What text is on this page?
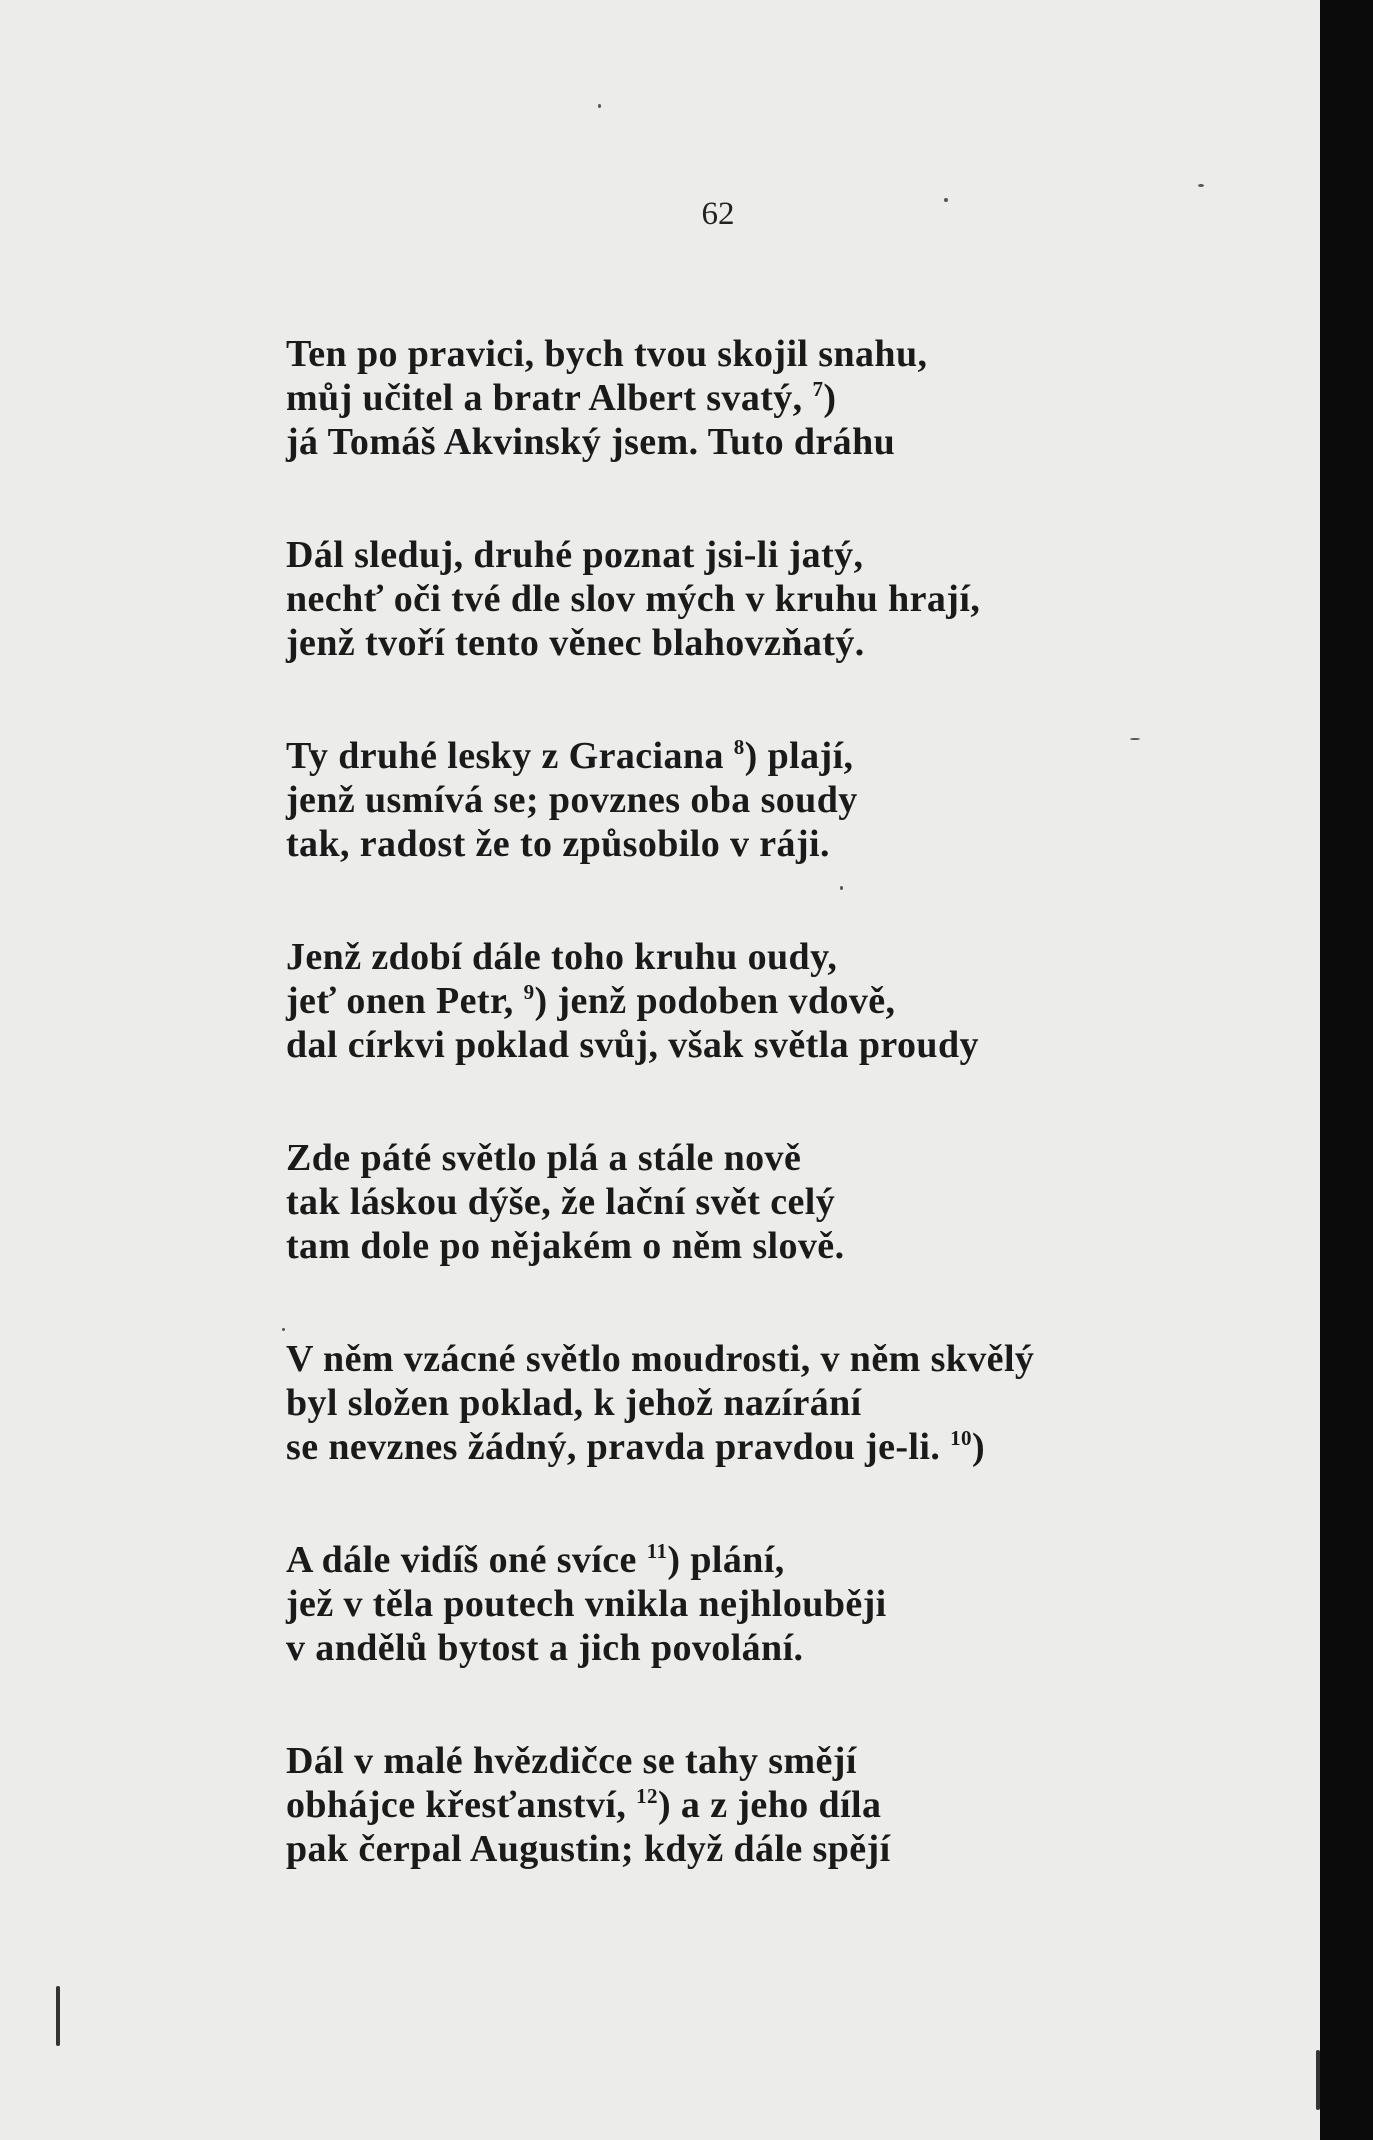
62
Ten po pravici, bych tvou skojil snahu,
můj učitel a bratr Albert svatý, $^7$)
já Tomáš Akvinský jsem. Tuto dráhu
Dál sleduj, druhé poznat jsi-li jatý,
nechť oči tvé dle slov mých v kruhu hrají,
jenž tvoří tento věnec blahovzňatý.
Ty druhé lesky z Graciana $^8$) plají,
jenž usmívá se; povznes oba soudy
tak, radost že to způsobilo v ráji.
Jenž zdobí dále toho kruhu oudy,
jeť onen Petr, $^9$) jenž podoben vdově,
dal církvi poklad svůj, však světla proudy
Zde páté světlo plá a stále nově
tak láskou dýše, že lační svět celý
tam dole po nějakém o něm slově.
V něm vzácné světlo moudrosti, v něm skvělý
byl složen poklad, k jehož nazírání
se nevznes žádný, pravda pravdou je-li. $^{10}$)
A dále vidíš oné svíce $^{11}$) plání,
jež v těla poutech vnikla nejhlouběji
v andělů bytost a jich povolání.
Dál v malé hvězdičce se tahy smějí
obhájce křesťanství, $^{12}$) a z jeho díla
pak čerpal Augustin; když dále spějí
